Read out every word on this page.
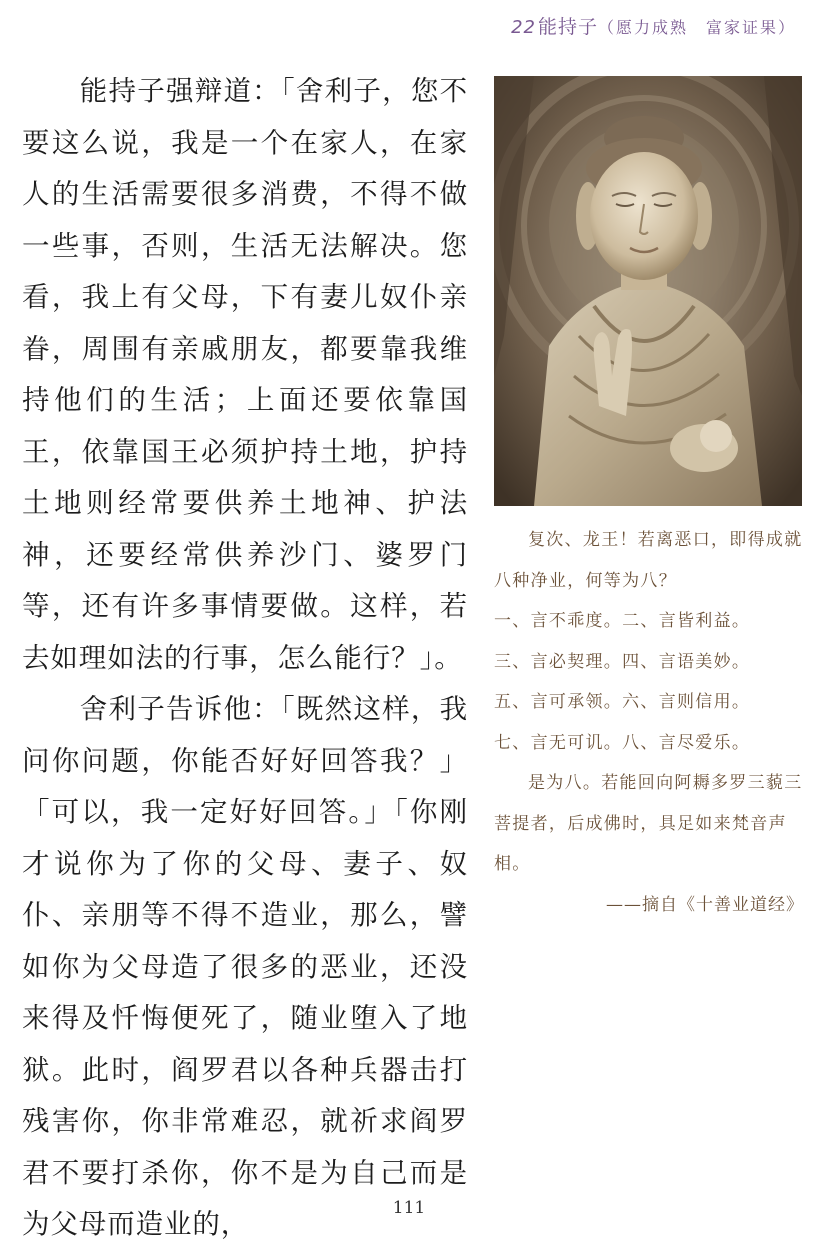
22 能持子（愿力成熟　富家证果）

能持子强辩道：「舍利子，您不要这么说，我是一个在家人，在家人的生活需要很多消费，不得不做一些事，否则，生活无法解决。您看，我上有父母，下有妻儿奴仆亲眷，周围有亲戚朋友，都要靠我维持他们的生活；上面还要依靠国王，依靠国王必须护持土地，护持土地则经常要供养土地神、护法神，还要经常供养沙门、婆罗门等，还有许多事情要做。这样，若去如理如法的行事，怎么能行？」。

舍利子告诉他：「既然这样，我问你问题，你能否好好回答我？」「可以，我一定好好回答。」「你刚才说你为了你的父母、妻子、奴仆、亲朋等不得不造业，那么，譬如你为父母造了很多的恶业，还没来得及忏悔便死了，随业堕入了地狱。此时，阎罗君以各种兵器击打残害你，你非常难忍，就祈求阎罗君不要打杀你，你不是为自己而是为父母而造业的，

复次、龙王！若离恶口，即得成就八种净业，何等为八？

一、言不乖度。二、言皆利益。

三、言必契理。四、言语美妙。

五、言可承领。六、言则信用。

七、言无可讥。八、言尽爱乐。

是为八。若能回向阿耨多罗三藐三菩提者，后成佛时，具足如来梵音声相。

——摘自《十善业道经》

111
